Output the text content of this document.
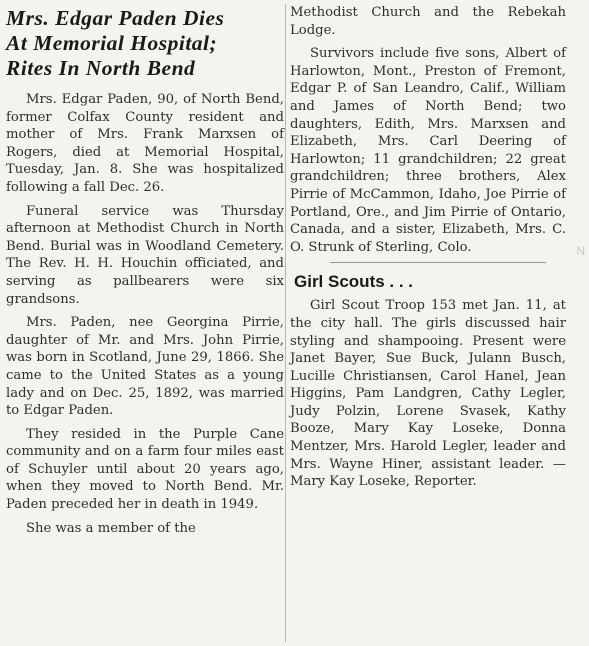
Mrs. Edgar Paden Dies
At Memorial Hospital;
Rites In North Bend

Mrs. Edgar Paden, 90, of North Bend, former Colfax County resident and mother of Mrs. Frank Marxsen of Rogers, died at Memorial Hospital, Tuesday, Jan. 8. She was hospitalized following a fall Dec. 26.

Funeral service was Thursday afternoon at Methodist Church in North Bend. Burial was in Woodland Cemetery. The Rev. H. H. Houchin officiated, and serving as pallbearers were six grandsons.

Mrs. Paden, nee Georgina Pirrie, daughter of Mr. and Mrs. John Pirrie, was born in Scotland, June 29, 1866. She came to the United States as a young lady and on Dec. 25, 1892, was married to Edgar Paden.

They resided in the Purple Cane community and on a farm four miles east of Schuyler until about 20 years ago, when they moved to North Bend. Mr. Paden preceded her in death in 1949.

She was a member of the

Methodist Church and the Rebekah Lodge.

Survivors include five sons, Albert of Harlowton, Mont., Preston of Fremont, Edgar P. of San Leandro, Calif., William and James of North Bend; two daughters, Edith, Mrs. Marxsen and Elizabeth, Mrs. Carl Deering of Harlowton; 11 grandchildren; 22 great grandchildren; three brothers, Alex Pirrie of McCammon, Idaho, Joe Pirrie of Portland, Ore., and Jim Pirrie of Ontario, Canada, and a sister, Elizabeth, Mrs. C. O. Strunk of Sterling, Colo.

Girl Scouts . . .

Girl Scout Troop 153 met Jan. 11, at the city hall. The girls discussed hair styling and shampooing. Present were Janet Bayer, Sue Buck, Julann Busch, Lucille Christiansen, Carol Hanel, Jean Higgins, Pam Landgren, Cathy Legler, Judy Polzin, Lorene Svasek, Kathy Booze, Mary Kay Loseke, Donna Mentzer, Mrs. Harold Legler, leader and Mrs. Wayne Hiner, assistant leader. — Mary Kay Loseke, Reporter.

N
